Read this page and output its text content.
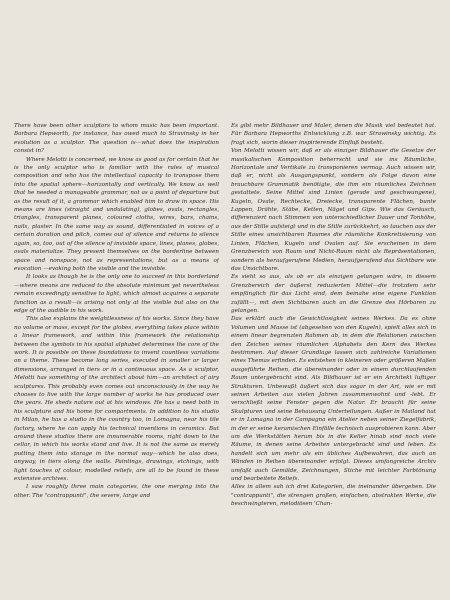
There have been other sculptors to whom music has been important. Barbara Hepworth, for instance, has owed much to Stravinsky in her evolution as a sculptor. The question is—what does the inspiration consist in?

Where Melotti is concerned, we know as good as for certain that he is the only sculptor who is familiar with the rules of musical composition and who has the intellectual capacity to transpose them into the spatial sphere—horizontally and vertically. We know as well that he needed a manageable grammar, not as a point of departure but as the result of it, a grammar which enabled him to draw in space. His means are lines (straight and undulating), globes, ovals, rectangles, triangles, transparent planes, coloured cloths, wires, bars, chains, nails, plaster. In the same way as sound, differentiated in voices of a certain duration and pitch, comes out of silence and returns to silence again, so, too, out of the silence of invisible space, lines, planes, globes, ovals materialize. They present themselves on the borderline between space and nonspace, not as representations, but as a means of evocation —evoking both the visible and the invisible.

It looks as though he is the only one to succeed in this borderland—where means are reduced to the absolute minimum yet nevertheless remain exceedingly sensitive to light, which almost acquires a separate function as a result—is arising not only at the visible but also on the edge of the audible in his work.

This also explains the weightlessness of his works. Since they have no volume or mass, except for the globes, everything takes place within a linear framework, and within this framework the relationship between the symbols in his spatial alphabet determines the core of the work. It is possible on these foundations to invent countless variations on a theme. These become long series, executed in smaller or larger dimensions, arranged in tiers or in a continuous space. As a sculptor, Melotti has something of the architect about him—an architect of airy sculptures. This probably even comes out unconsciously in the way he chooses to live with the large number of works he has produced over the years. He sheds nature out at his windows. He has a need both in his sculpture and his home for compartments. In addition to his studio in Milan, he has a studio in the country too, in Lomagna, near his tile factory, where he can apply his technical inventions in ceramics. But around these studios there are innumerable rooms, right down to the cellar, in which his works stand and live. It is not the same as merely putting them into storage in the normal way—which he also does, anyway, in tiers along the walls. Paintings, drawings, etchings, with light touches of colour, modelled reliefs, are all to be found in these extensive archives.

I saw roughly three main categories, the one merging into the other. The "contrappunti", the severe, large and

Es gibt mehr Bildhauer und Maler, denen die Musik viel bedeutet hat. Für Barbara Hepworths Entwicklung z.B. war Strawinsky wichtig. Es fragt sich, worin dieser inspirierende Einfluß besteht.

Von Melotti wissen wir, daß er als einziger Bildhauer die Gesetze der musikalischen Komposition beherrscht und sie ins Räumliche, Horizontale und Vertikale zu transponieren vermag. Auch wissen wir, daß er, nicht als Ausgangspunkt, sondern als Folge davon eine brauchbare Grammatik benötigte, die ihm ein räumliches Zeichnen gestattete. Seine Mittel sind Linien (gerade und geschwungene), Kugeln, Ovale, Rechtecke, Dreiecke, transparente Flächen, bunte Lappen, Drähte, Stäbe, Ketten, Nägel und Gips. Wie das Geräusch, differenziert nach Stimmen von unterschiedlicher Dauer und Tonhöhe, aus der Stille aufsteigt und in die Stille zurückkehrt, so tauchen aus der Stille eines unsichtbaren Raumes die räumliche Konkretisierung von Linien, Flächen, Kugeln und Ovalen auf. Sie erscheinen in dem Grenzbereich von Raum und Nicht-Raum nicht als Repräsentationen, sondern als heraufgerufene Medien, heraufgerufend das Sichtbare wie das Unsichtbare.

Es sieht so aus, als ob er als einzigen gelungen wäre, in diesem Grenzbereich der äußerst reduzierten Mittel—die trotzdem sehr empfänglich für das Licht sind, dem beinahe eine eigene Funktion zufällt—, mit dem Sichtbaren auch an die Grenze des Hörbaren zu gelangen.

Das erklärt auch die Gewichtlosigkeit seines Werkes. Da es ohne Volumen und Masse ist (abgesehen von den Kugeln), spielt alles sich in einem linear begrenzten Rahmen ab, in dem die Relationen zwischen den Zeichen seines räumlichen Alphabets den Kern des Werkes bestimmen. Auf dieser Grundlage lassen sich zahlreiche Variationen eines Themas erfinden. Es entstehen in kleineren oder größeren Maßen ausgeführte Reihen, die übereinander oder in einem durchlaufenden Raum untergebracht sind. Als Bildhauer ist er ein Architekt luftiger Strukturen. Unbewußt äußert sich das sogar in der Art, wie er mit seinen Arbeiten aus vielen Jahren zusammenwohnt und -lebt. Er verschließt seine Fenster gegen die Natur. Er braucht für seine Skulpturen und seine Behausung Unterteilungen. Außer in Mailand hat er in Lomagna in der Campagna ein Atelier neben seiner Ziegelfabrik, in der er seine keramischen Einfälle technisch ausprobieren kann. Aber um die Werkstätten herum bis in die Keller hinab sind noch viele Räume, in denen seine Arbeiten untergebracht sind und leben. Es handelt sich um mehr als ein übliches Aufbewahren, das auch an Wänden in Reihen übereinander erfolgt. Dieses umfangreiche Archiv umfaßt auch Gemälde, Zeichnungen, Stiche mit leichter Farbtönung und bearbeitete Reliefs.

Alles in allem sah ich drei Kategorien, die ineinander übergehen. Die "contrappunti", die strengen großen, einfachen, abstrakten Werke, die beschwingteren, melodiösen 'Chan-
